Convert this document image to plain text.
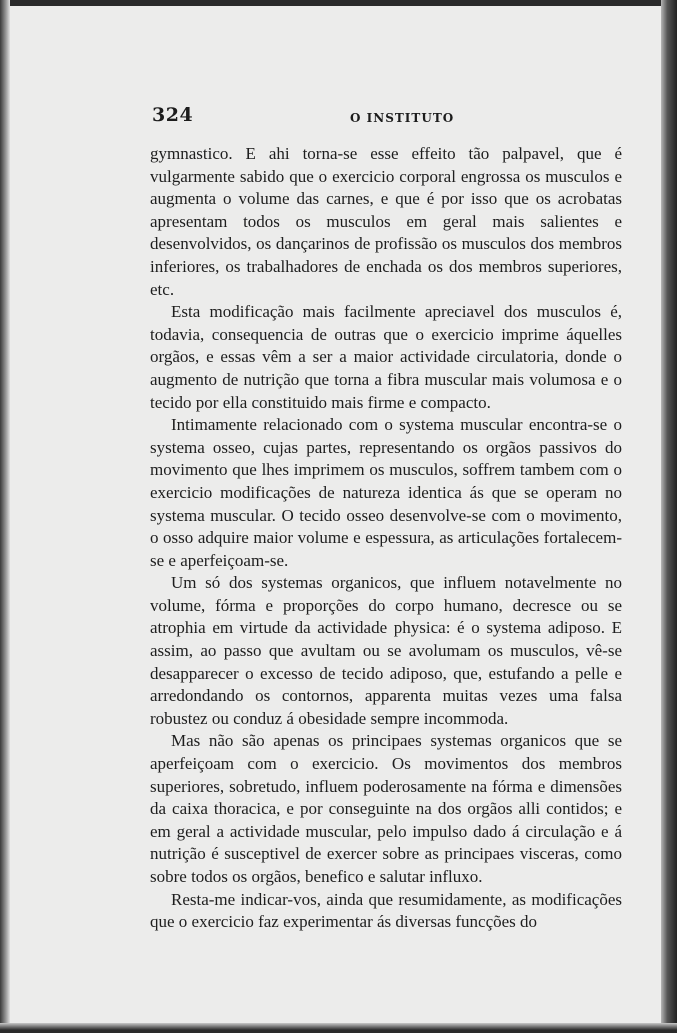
324	O INSTITUTO

gymnastico. E ahi torna-se esse effeito tão palpavel, que é vulgarmente sabido que o exercicio corporal engrossa os musculos e augmenta o volume das carnes, e que é por isso que os acrobatas apresentam todos os musculos em geral mais salientes e desenvolvidos, os dançarinos de profissão os musculos dos membros inferiores, os trabalhadores de enchada os dos membros superiores, etc.

Esta modificação mais facilmente apreciavel dos musculos é, todavia, consequencia de outras que o exercicio imprime áquelles orgãos, e essas vêm a ser a maior actividade circulatoria, donde o augmento de nutrição que torna a fibra muscular mais volumosa e o tecido por ella constituido mais firme e compacto.

Intimamente relacionado com o systema muscular encontra-se o systema osseo, cujas partes, representando os orgãos passivos do movimento que lhes imprimem os musculos, soffrem tambem com o exercicio modificações de natureza identica ás que se operam no systema muscular. O tecido osseo desenvolve-se com o movimento, o osso adquire maior volume e espessura, as articulações fortalecem-se e aperfeiçoam-se.

Um só dos systemas organicos, que influem notavelmente no volume, fórma e proporções do corpo humano, decresce ou se atrophia em virtude da actividade physica: é o systema adiposo. E assim, ao passo que avultam ou se avolumam os musculos, vê-se desapparecer o excesso de tecido adiposo, que, estufando a pelle e arredondando os contornos, apparenta muitas vezes uma falsa robustez ou conduz á obesidade sempre incommoda.

Mas não são apenas os principaes systemas organicos que se aperfeiçoam com o exercicio. Os movimentos dos membros superiores, sobretudo, influem poderosamente na fórma e dimensões da caixa thoracica, e por conseguinte na dos orgãos alli contidos; e em geral a actividade muscular, pelo impulso dado á circulação e á nutrição é susceptivel de exercer sobre as principaes visceras, como sobre todos os orgãos, benefico e salutar influxo.

Resta-me indicar-vos, ainda que resumidamente, as modificações que o exercicio faz experimentar ás diversas funcções do
